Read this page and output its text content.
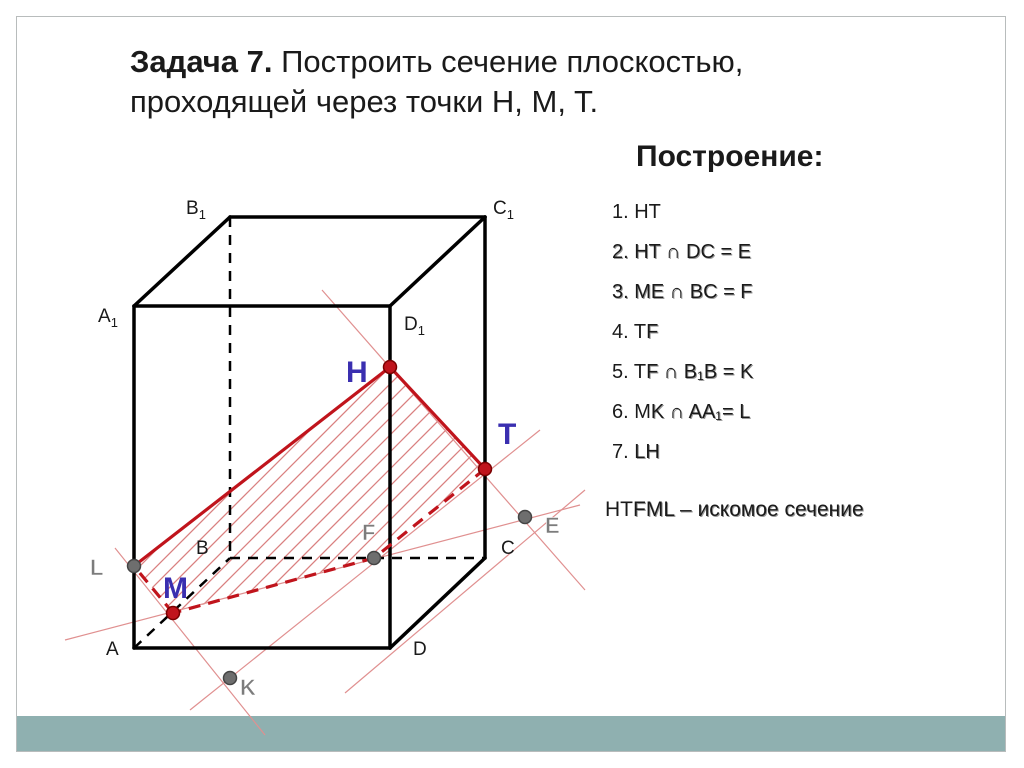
Задача 7. Построить сечение плоскостью,
проходящей через точки H, M, T.
Построение:
1. HT
2. HT ∩ DC = E
3. ME ∩ BC = F
4. TF
5. TF ∩ B₁B = K
6. MK ∩ AA₁= L
7. LH
HTFML – искомое сечение
$B_1$	$C_1$
$A_1$	$D_1$
A
B	C
D
H
T
M
L
F	E
K
